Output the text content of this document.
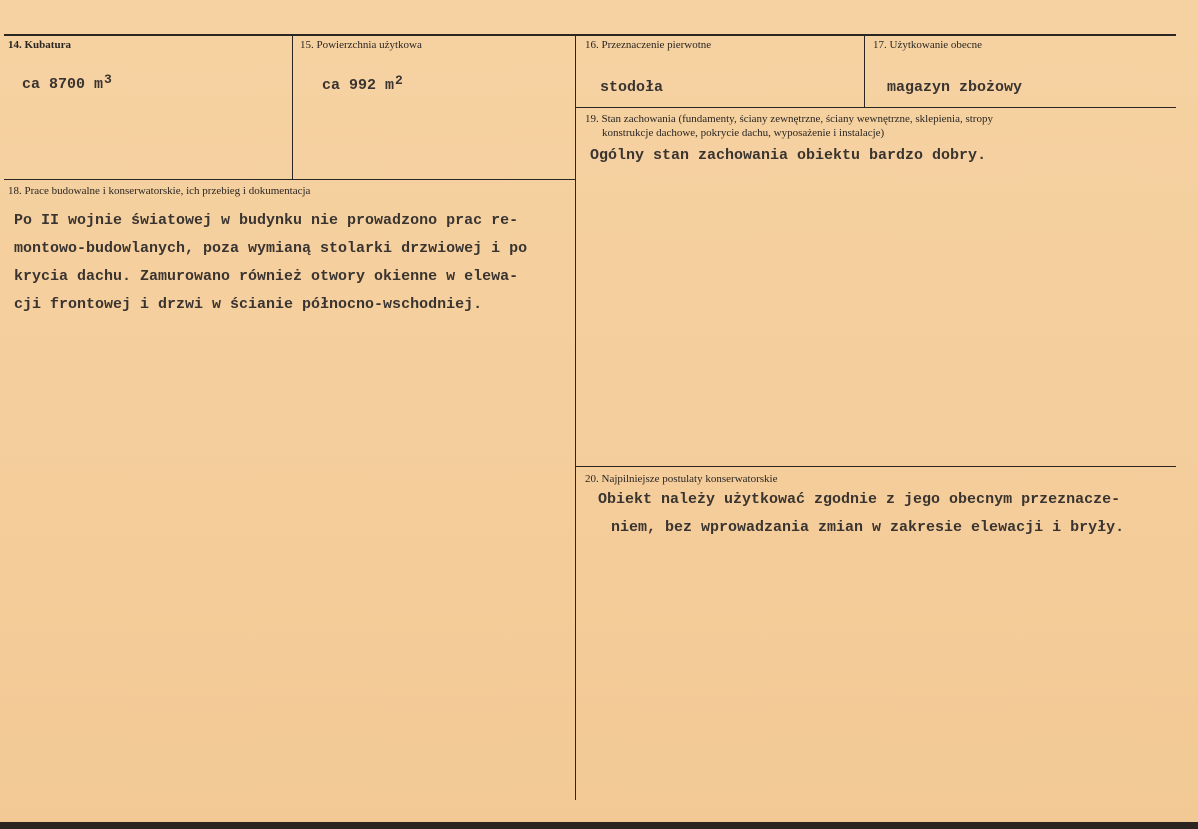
14. Kubatura
ca 8700 $m^3$
15. Powierzchnia użytkowa
ca 992 $m^2$
16. Przeznaczenie pierwotne
stodoła
17. Użytkowanie obecne
magazyn zbożowy
19. Stan zachowania (fundamenty, ściany zewnętrzne, ściany wewnętrzne, sklepienia, stropy
konstrukcje dachowe, pokrycie dachu, wyposażenie i instalacje)
Ogólny stan zachowania obiektu bardzo dobry.
18. Prace budowalne i konserwatorskie, ich przebieg i dokumentacja
Po II wojnie światowej w budynku nie prowadzono prac re-
montowo-budowlanych, poza wymianą stolarki drzwiowej i po
krycia dachu. Zamurowano również otwory okienne w elewa-
cji frontowej i drzwi w ścianie północno-wschodniej.
20. Najpilniejsze postulaty konserwatorskie
Obiekt należy użytkować zgodnie z jego obecnym przeznacze-
niem, bez wprowadzania zmian w zakresie elewacji i bryły.
